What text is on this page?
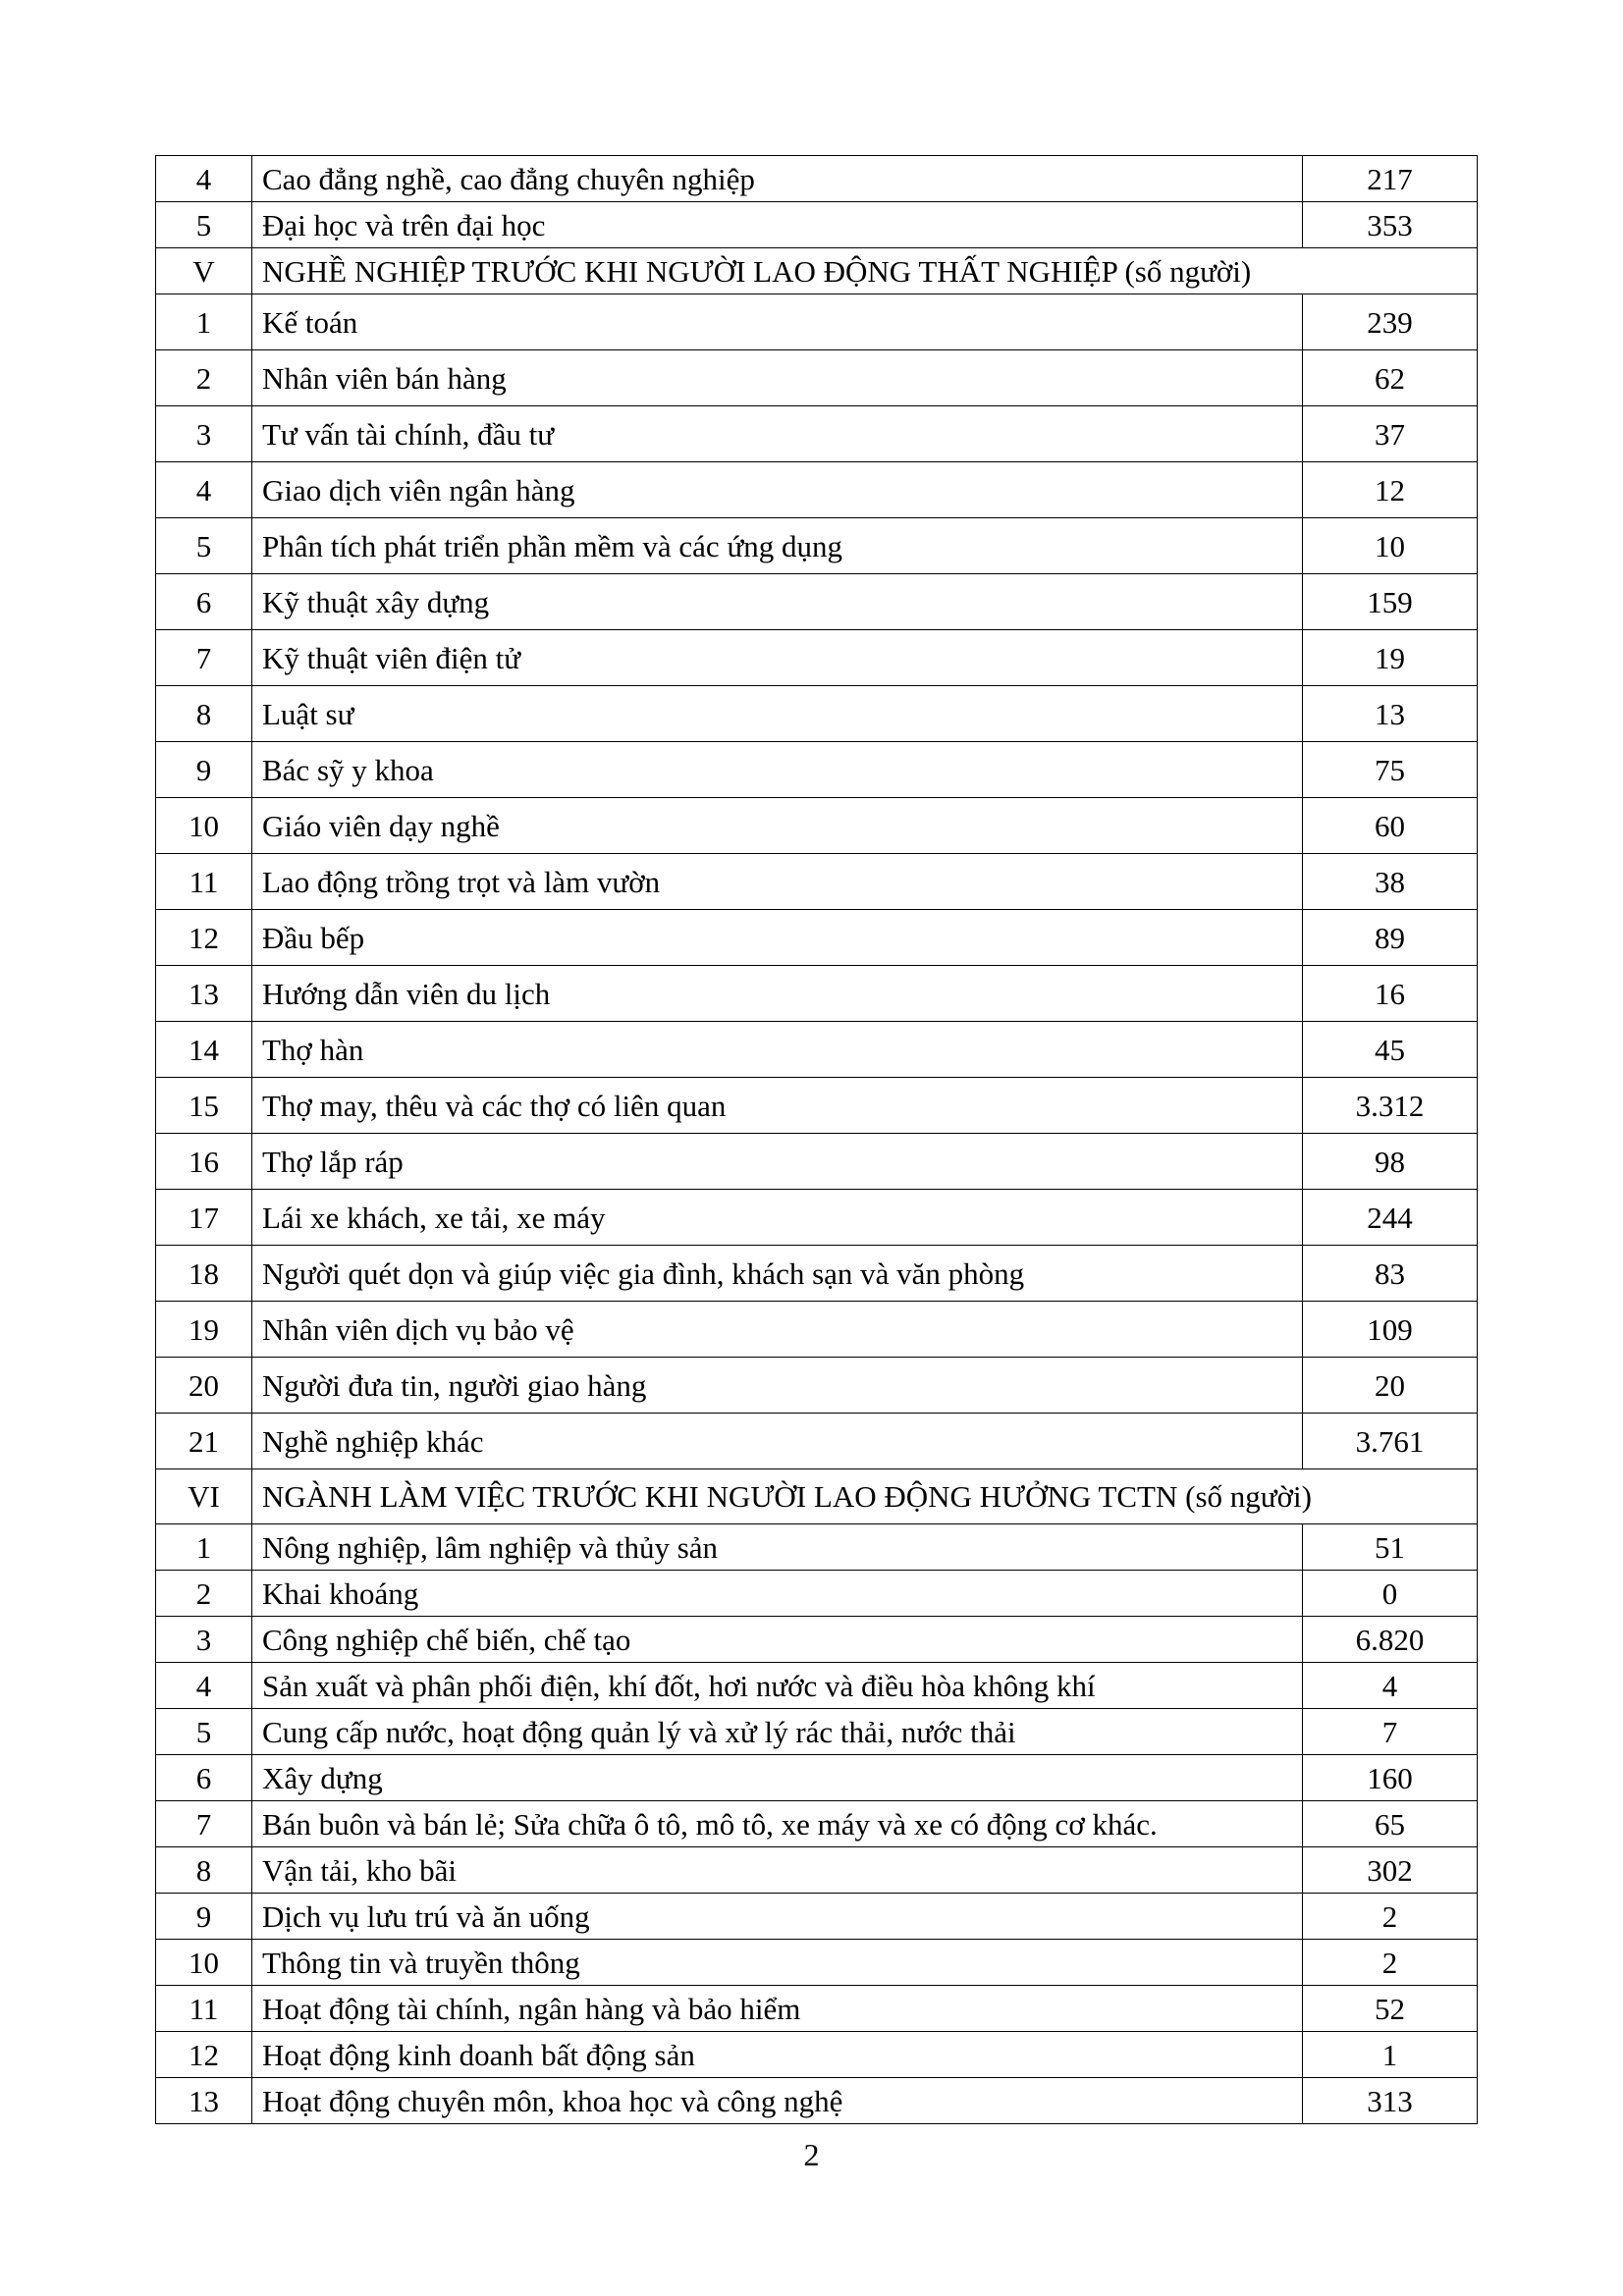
4	Cao đẳng nghề, cao đẳng chuyên nghiệp	217
5	Đại học và trên đại học	353
V	NGHỀ NGHIỆP TRƯỚC KHI NGƯỜI LAO ĐỘNG THẤT NGHIỆP (số người)	
1	Kế toán	239
2	Nhân viên bán hàng	62
3	Tư vấn tài chính, đầu tư	37
4	Giao dịch viên ngân hàng	12
5	Phân tích phát triển phần mềm và các ứng dụng	10
6	Kỹ thuật xây dựng	159
7	Kỹ thuật viên điện tử	19
8	Luật sư	13
9	Bác sỹ y khoa	75
10	Giáo viên dạy nghề	60
11	Lao động trồng trọt và làm vườn	38
12	Đầu bếp	89
13	Hướng dẫn viên du lịch	16
14	Thợ hàn	45
15	Thợ may, thêu và các thợ có liên quan	3.312
16	Thợ lắp ráp	98
17	Lái xe khách, xe tải, xe máy	244
18	Người quét dọn và giúp việc gia đình, khách sạn và văn phòng	83
19	Nhân viên dịch vụ bảo vệ	109
20	Người đưa tin, người giao hàng	20
21	Nghề nghiệp khác	3.761
VI	NGÀNH LÀM VIỆC TRƯỚC KHI NGƯỜI LAO ĐỘNG HƯỞNG TCTN (số người)	
1	Nông nghiệp, lâm nghiệp và thủy sản	51
2	Khai khoáng	0
3	Công nghiệp chế biến, chế tạo	6.820
4	Sản xuất và phân phối điện, khí đốt, hơi nước và điều hòa không khí	4
5	Cung cấp nước, hoạt động quản lý và xử lý rác thải, nước thải	7
6	Xây dựng	160
7	Bán buôn và bán lẻ; Sửa chữa ô tô, mô tô, xe máy và xe có động cơ khác.	65
8	Vận tải, kho bãi	302
9	Dịch vụ lưu trú và ăn uống	2
10	Thông tin và truyền thông	2
11	Hoạt động tài chính, ngân hàng và bảo hiểm	52
12	Hoạt động kinh doanh bất động sản	1
13	Hoạt động chuyên môn, khoa học và công nghệ	313
2
